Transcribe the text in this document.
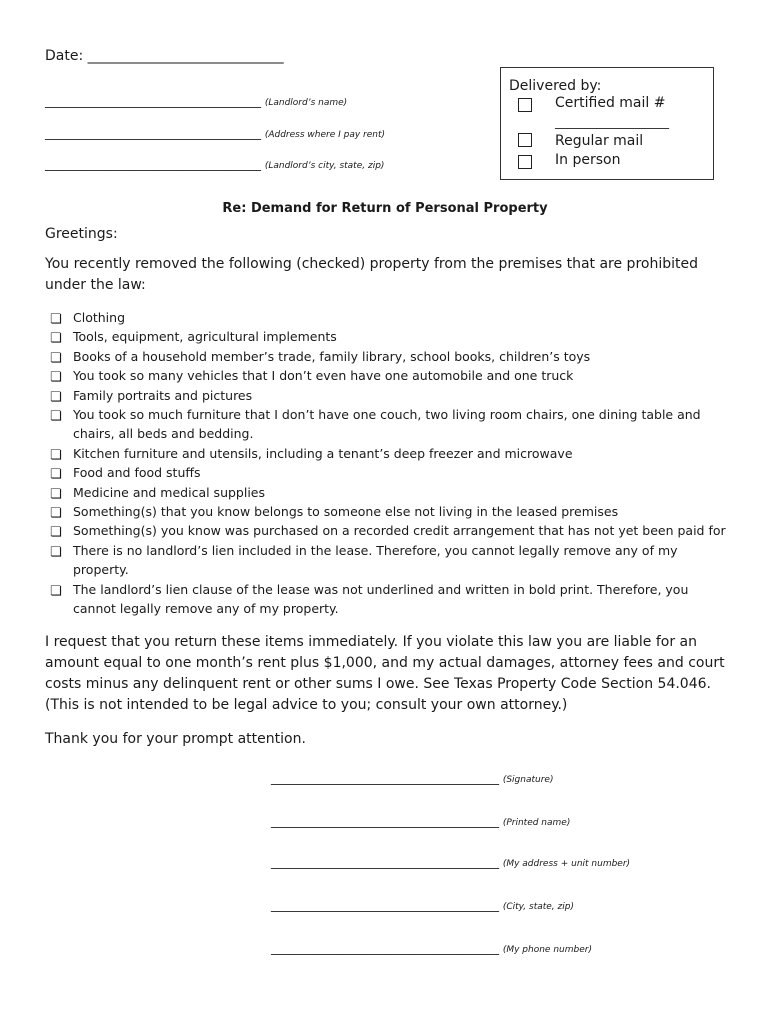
Date: ____________________________
____________________________________ (Landlord’s name)
____________________________________ (Address where I pay rent)
____________________________________ (Landlord’s city, state, zip)
Delivered by:
Certified mail #
___________________
Regular mail
In person
Re: Demand for Return of Personal Property
Greetings:
You recently removed the following (checked) property from the premises that are prohibited under the law:
❏ Clothing
❏ Tools, equipment, agricultural implements
❏ Books of a household member’s trade, family library, school books, children’s toys
❏ You took so many vehicles that I don’t even have one automobile and one truck
❏ Family portraits and pictures
❏ You took so much furniture that I don’t have one couch, two living room chairs, one dining table and chairs, all beds and bedding.
❏ Kitchen furniture and utensils, including a tenant’s deep freezer and microwave
❏ Food and food stuffs
❏ Medicine and medical supplies
❏ Something(s) that you know belongs to someone else not living in the leased premises
❏ Something(s) you know was purchased on a recorded credit arrangement that has not yet been paid for
❏ There is no landlord’s lien included in the lease. Therefore, you cannot legally remove any of my property.
❏ The landlord’s lien clause of the lease was not underlined and written in bold print. Therefore, you cannot legally remove any of my property.
I request that you return these items immediately. If you violate this law you are liable for an amount equal to one month’s rent plus $1,000, and my actual damages, attorney fees and court costs minus any delinquent rent or other sums I owe. See Texas Property Code Section 54.046. (This is not intended to be legal advice to you; consult your own attorney.)
Thank you for your prompt attention.
______________________________________ (Signature)
______________________________________ (Printed name)
______________________________________ (My address + unit number)
______________________________________ (City, state, zip)
______________________________________ (My phone number)
